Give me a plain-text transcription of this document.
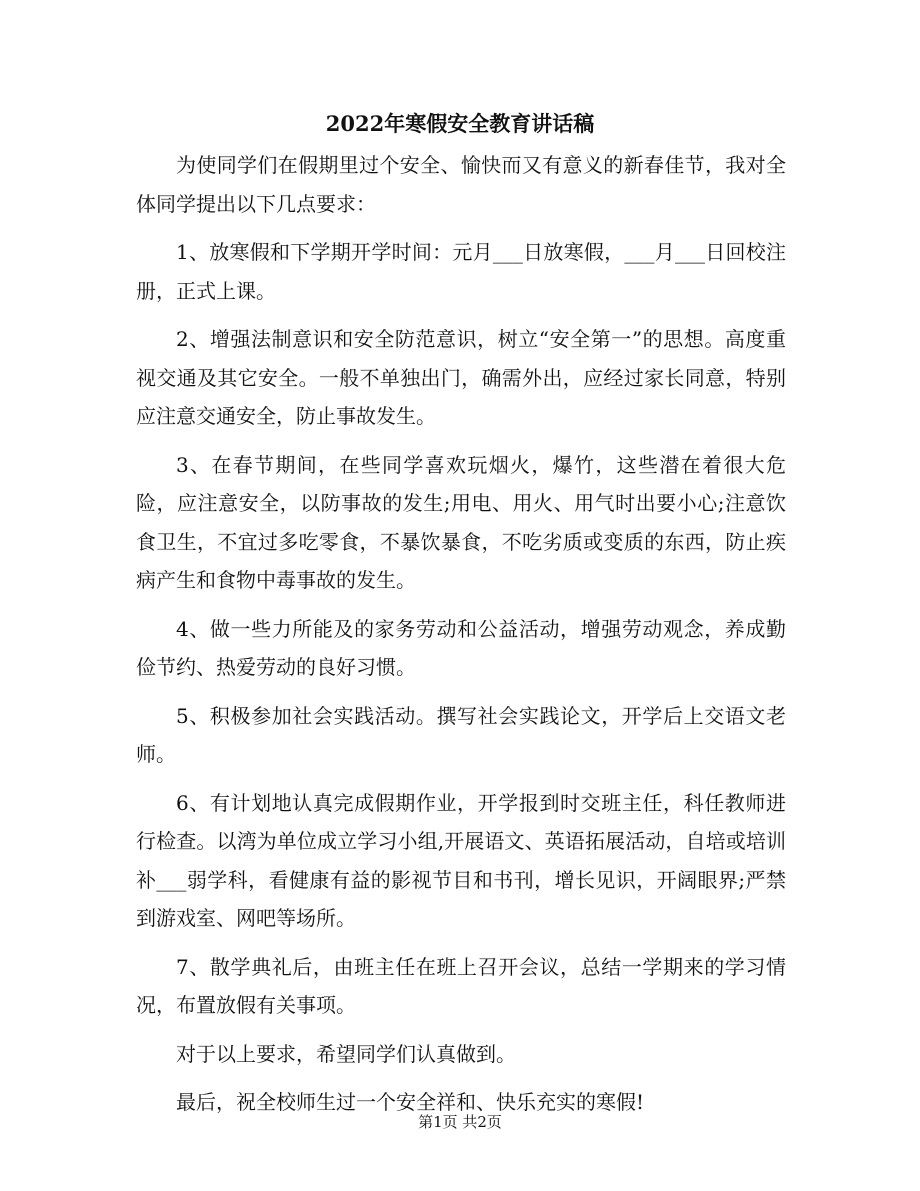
2022年寒假安全教育讲话稿

为使同学们在假期里过个安全、愉快而又有意义的新春佳节，我对全体同学提出以下几点要求：

1、放寒假和下学期开学时间：元月___日放寒假，___月___日回校注册，正式上课。

2、增强法制意识和安全防范意识，树立“安全第一”的思想。高度重视交通及其它安全。一般不单独出门，确需外出，应经过家长同意，特别应注意交通安全，防止事故发生。

3、在春节期间，在些同学喜欢玩烟火，爆竹，这些潜在着很大危险，应注意安全，以防事故的发生;用电、用火、用气时出要小心;注意饮食卫生，不宜过多吃零食，不暴饮暴食，不吃劣质或变质的东西，防止疾病产生和食物中毒事故的发生。

4、做一些力所能及的家务劳动和公益活动，增强劳动观念，养成勤俭节约、热爱劳动的良好习惯。

5、积极参加社会实践活动。撰写社会实践论文，开学后上交语文老师。

6、有计划地认真完成假期作业，开学报到时交班主任，科任教师进行检查。以湾为单位成立学习小组,开展语文、英语拓展活动，自培或培训补___弱学科，看健康有益的影视节目和书刊，增长见识，开阔眼界;严禁到游戏室、网吧等场所。

7、散学典礼后，由班主任在班上召开会议，总结一学期来的学习情况，布置放假有关事项。

对于以上要求，希望同学们认真做到。

最后，祝全校师生过一个安全祥和、快乐充实的寒假!

第1页 共2页
